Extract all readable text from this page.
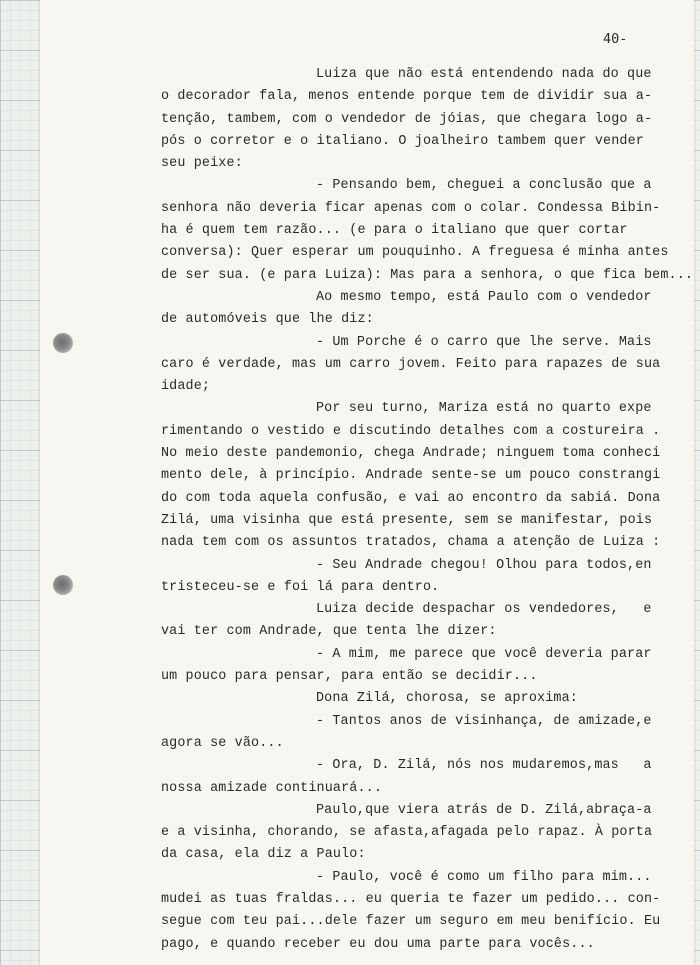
40-
Luiza que não está entendendo nada do que
o decorador fala, menos entende porque tem de dividir sua a-
tenção, tambem, com o vendedor de jóias, que chegara logo a-
pós o corretor e o italiano. O joalheiro tambem quer vender
seu peixe:
- Pensando bem, cheguei a conclusão que a
senhora não deveria ficar apenas com o colar. Condessa Bibin-
ha é quem tem razão... (e para o italiano que quer cortar
conversa): Quer esperar um pouquinho. A freguesa é minha antes
de ser sua. (e para Luiza): Mas para a senhora, o que fica bem...
Ao mesmo tempo, está Paulo com o vendedor
de automóveis que lhe diz:
- Um Porche é o carro que lhe serve. Mais
caro é verdade, mas um carro jovem. Feito para rapazes de sua
idade;
Por seu turno, Mariza está no quarto expe
rimentando o vestido e discutindo detalhes com a costureira .
No meio deste pandemonio, chega Andrade; ninguem toma conheci
mento dele, à princípio. Andrade sente-se um pouco constrangi
do com toda aquela confusão, e vai ao encontro da sabiá. Dona
Zilá, uma visinha que está presente, sem se manifestar, pois
nada tem com os assuntos tratados, chama a atenção de Luiza :
- Seu Andrade chegou! Olhou para todos,en
tristeceu-se e foi lá para dentro.
Luiza decide despachar os vendedores,   e
vai ter com Andrade, que tenta lhe dizer:
- A mim, me parece que você deveria parar
um pouco para pensar, para então se decidir...
Dona Zilá, chorosa, se aproxima:
- Tantos anos de visinhança, de amizade,e
agora se vão...
- Ora, D. Zilá, nós nos mudaremos,mas   a
nossa amizade continuará...
Paulo,que viera atrás de D. Zilá,abraça-a
e a visinha, chorando, se afasta,afagada pelo rapaz. À porta
da casa, ela diz a Paulo:
- Paulo, você é como um filho para mim...
mudei as tuas fraldas... eu queria te fazer um pedido... con-
segue com teu pai...dele fazer um seguro em meu benifício. Eu
pago, e quando receber eu dou uma parte para vocês...
